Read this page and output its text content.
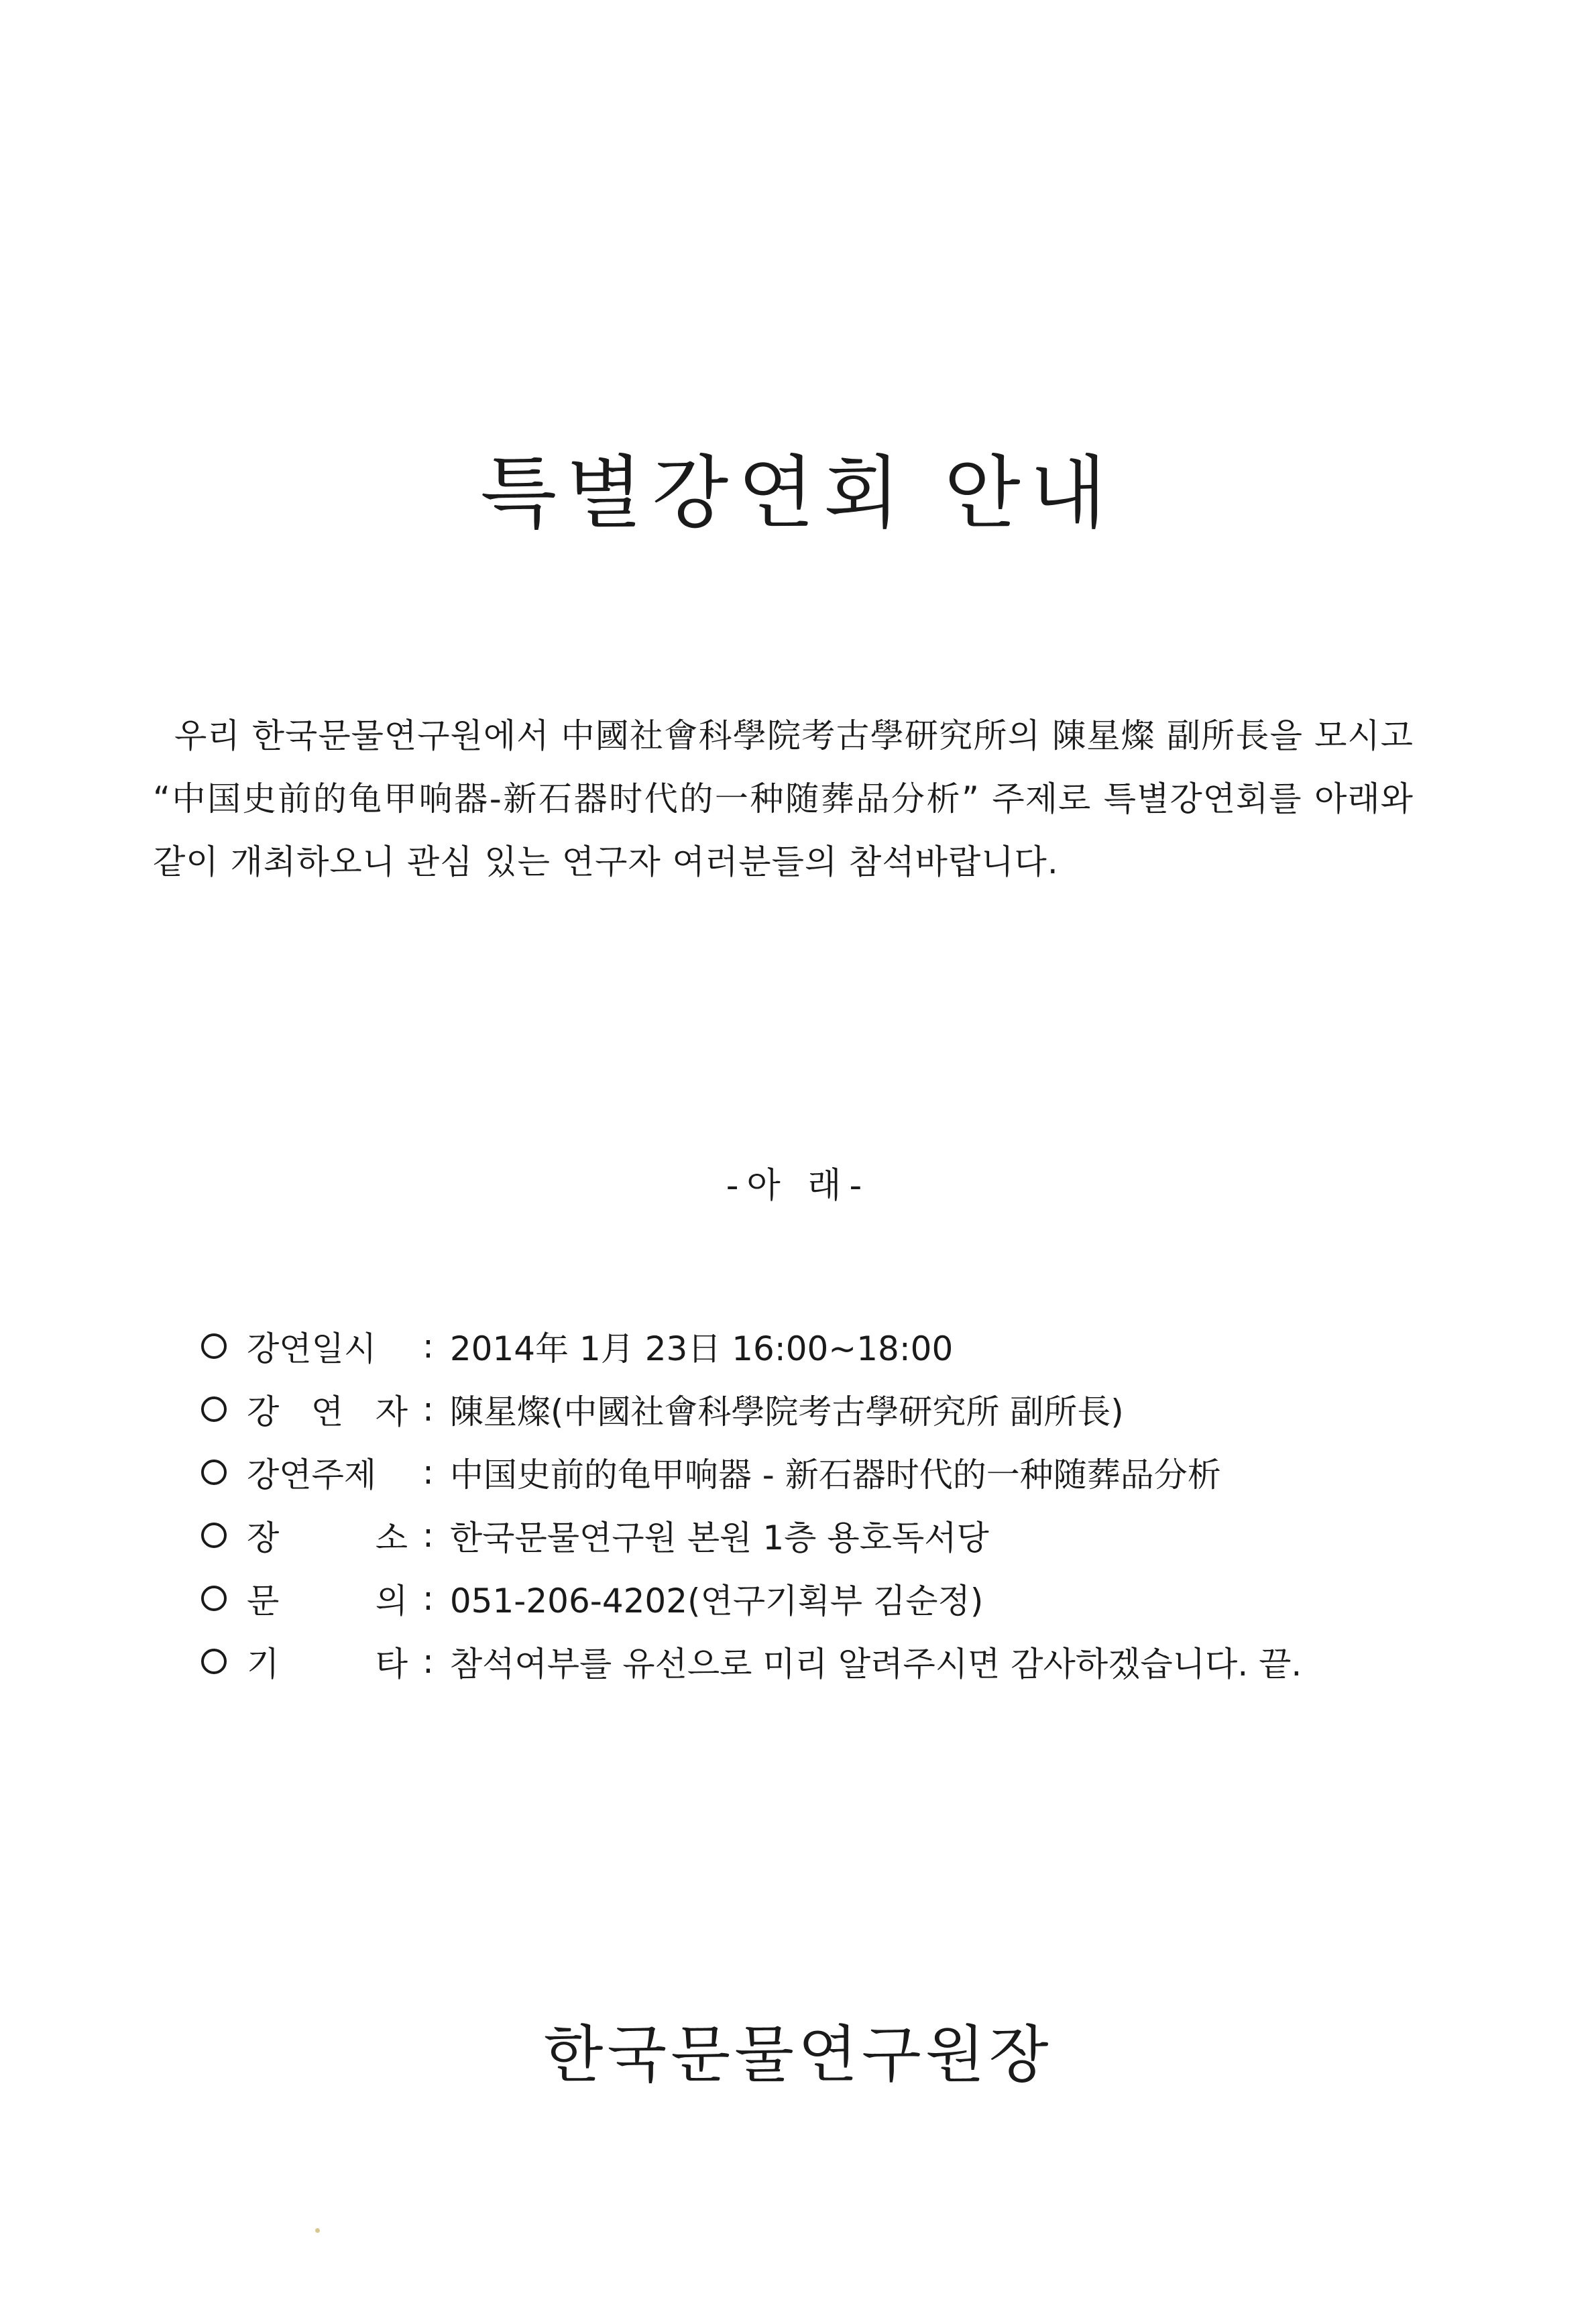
특별강연회 안내
우리 한국문물연구원에서 中國社會科學院考古學研究所의 陳星燦 副所長을 모시고 “中国史前的龟甲响器-新石器时代的一种随葬品分析” 주제로 특별강연회를 아래와 같이 개최하오니 관심 있는 연구자 여러분들의 참석바랍니다.
-아 래-
강연일시	: 2014年 1月 23日 16:00~18:00
강 연 자 : 陳星燦(中國社會科學院考古學研究所 副所長)
강연주제	: 中国史前的龟甲响器 - 新石器时代的一种随葬品分析
장 소 : 한국문물연구원 본원 1층 용호독서당
문 의 : 051-206-4202(연구기획부 김순정)
기 타 : 참석여부를 유선으로 미리 알려주시면 감사하겠습니다. 끝.
한국문물연구원장
